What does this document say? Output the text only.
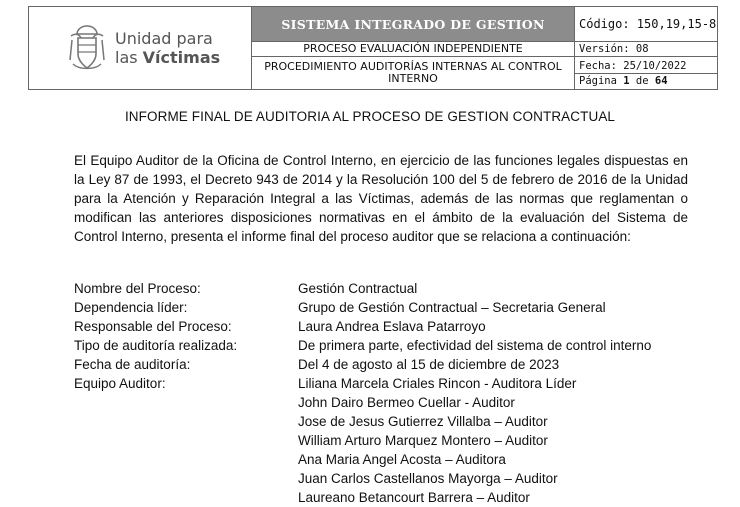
Unidad para
las Víctimas	SISTEMA INTEGRADO DE GESTION	Código: 150,19,15-8
	PROCESO EVALUACIÓN INDEPENDIENTE	Versión: 08
	PROCEDIMIENTO AUDITORÍAS INTERNAS AL CONTROL INTERNO	Fecha: 25/10/2022
Página 1 de 64
INFORME FINAL DE AUDITORIA AL PROCESO DE GESTION CONTRACTUAL
El Equipo Auditor de la Oficina de Control Interno, en ejercicio de las funciones legales dispuestas en la Ley 87 de 1993, el Decreto 943 de 2014 y la Resolución 100 del 5 de febrero de 2016 de la Unidad para la Atención y Reparación Integral a las Víctimas, además de las normas que reglamentan o modifican las anteriores disposiciones normativas en el ámbito de la evaluación del Sistema de Control Interno, presenta el informe final del proceso auditor que se relaciona a continuación:
Nombre del Proceso:	Gestión Contractual
Dependencia líder:	Grupo de Gestión Contractual – Secretaria General
Responsable del Proceso:	Laura Andrea Eslava Patarroyo
Tipo de auditoría realizada:	De primera parte, efectividad del sistema de control interno
Fecha de auditoría:	Del 4 de agosto al 15 de diciembre de 2023
Equipo Auditor:	Liliana Marcela Criales Rincon - Auditora Líder
John Dairo Bermeo Cuellar - Auditor
Jose de Jesus Gutierrez Villalba – Auditor
William Arturo Marquez Montero – Auditor
Ana Maria Angel Acosta – Auditora
Juan Carlos Castellanos Mayorga – Auditor
Laureano Betancourt Barrera – Auditor
